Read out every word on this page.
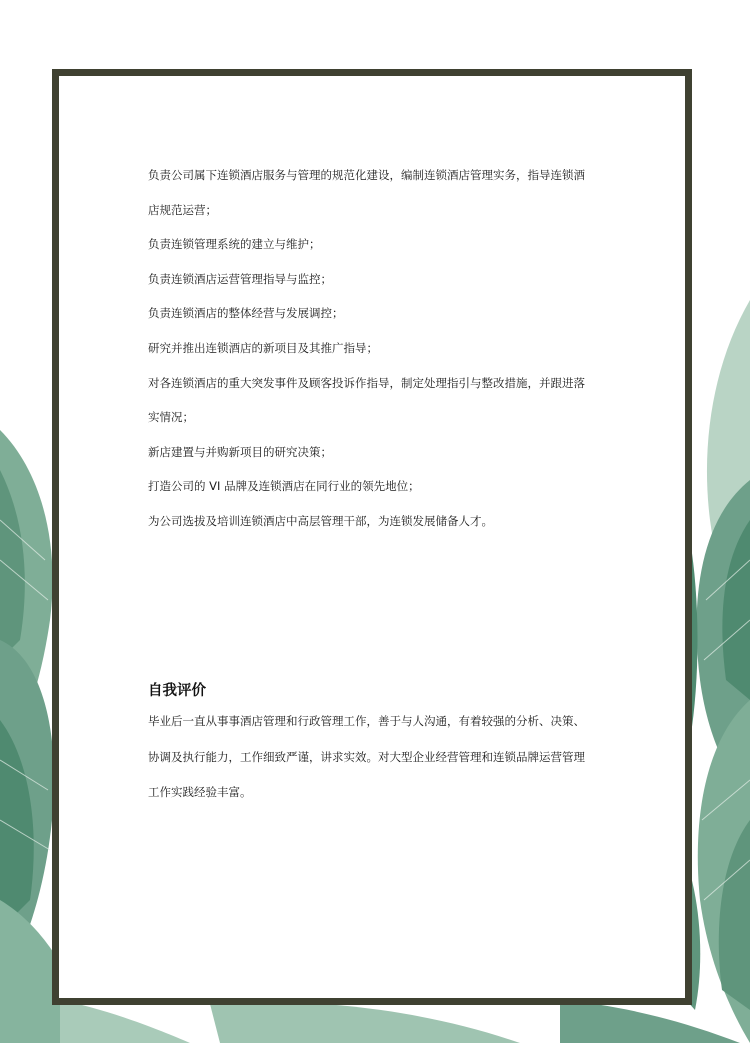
负责公司属下连锁酒店服务与管理的规范化建设，编制连锁酒店管理实务，指导连锁酒
店规范运营；
负责连锁管理系统的建立与维护；
负责连锁酒店运营管理指导与监控；
负责连锁酒店的整体经营与发展调控；
研究并推出连锁酒店的新项目及其推广指导；
对各连锁酒店的重大突发事件及顾客投诉作指导，制定处理指引与整改措施，并跟进落
实情况；
新店建置与并购新项目的研究决策；
打造公司的 VI 品牌及连锁酒店在同行业的领先地位；
为公司选拔及培训连锁酒店中高层管理干部，为连锁发展储备人才。
自我评价
毕业后一直从事事酒店管理和行政管理工作，善于与人沟通，有着较强的分析、决策、
协调及执行能力，工作细致严谨，讲求实效。对大型企业经营管理和连锁品牌运营管理
工作实践经验丰富。
